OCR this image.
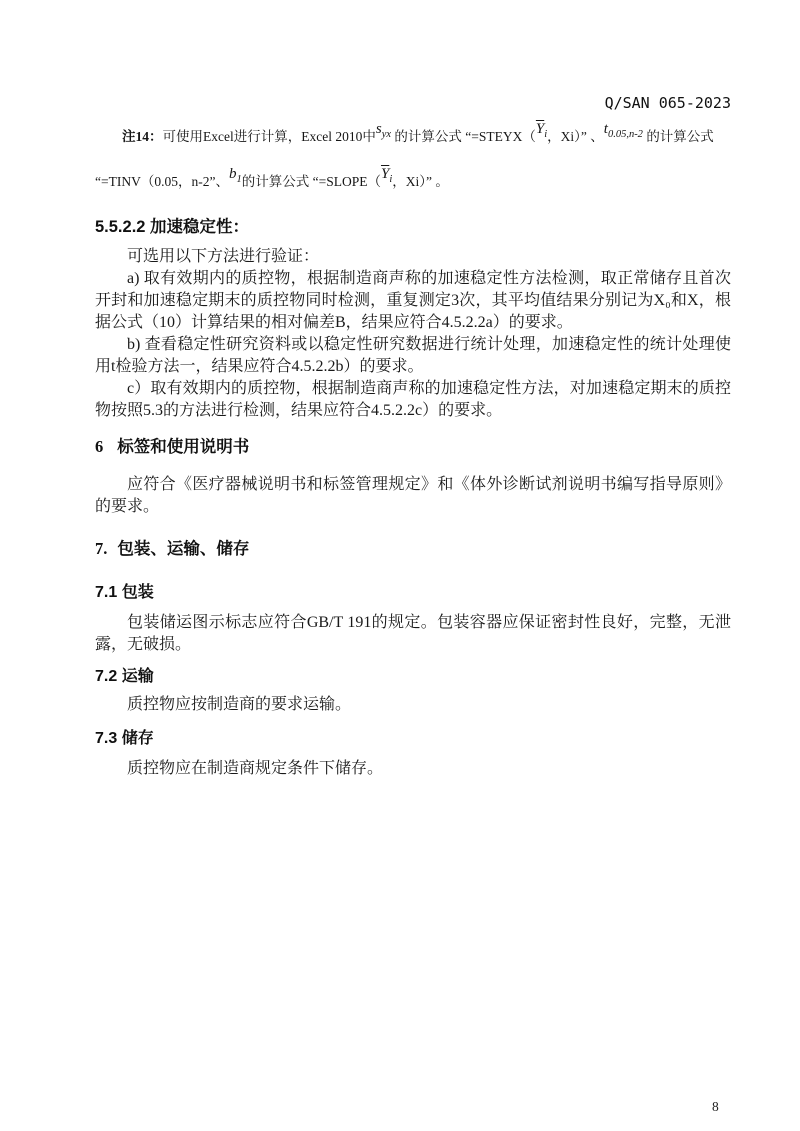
Q/SAN 065-2023

注14：可使用Excel进行计算，Excel 2010中$s_{yx}$ 的计算公式 “$=STEYX(\overline{Y}_i$，Xi）” 、$t_{0.05,n-2}$ 的计算公式 “=TINV（0.05，n-2”、$b_1$的计算公式 “$=SLOPE(\overline{Y}_i$，Xi）” 。

5.5.2.2 加速稳定性：

可选用以下方法进行验证：

a) 取有效期内的质控物，根据制造商声称的加速稳定性方法检测，取正常储存且首次开封和加速稳定期末的质控物同时检测，重复测定3次，其平均值结果分别记为X₀和X，根据公式（10）计算结果的相对偏差B，结果应符合4.5.2.2a）的要求。

b) 查看稳定性研究资料或以稳定性研究数据进行统计处理，加速稳定性的统计处理使用t检验方法一，结果应符合4.5.2.2b）的要求。

c）取有效期内的质控物，根据制造商声称的加速稳定性方法，对加速稳定期末的质控物按照5.3的方法进行检测，结果应符合4.5.2.2c）的要求。

6 标签和使用说明书

应符合《医疗器械说明书和标签管理规定》和《体外诊断试剂说明书编写指导原则》的要求。

7. 包装、运输、储存
7.1 包装

包装储运图示标志应符合GB/T 191的规定。包装容器应保证密封性良好，完整，无泄露，无破损。

7.2 运输

质控物应按制造商的要求运输。

7.3 储存

质控物应在制造商规定条件下储存。

8
